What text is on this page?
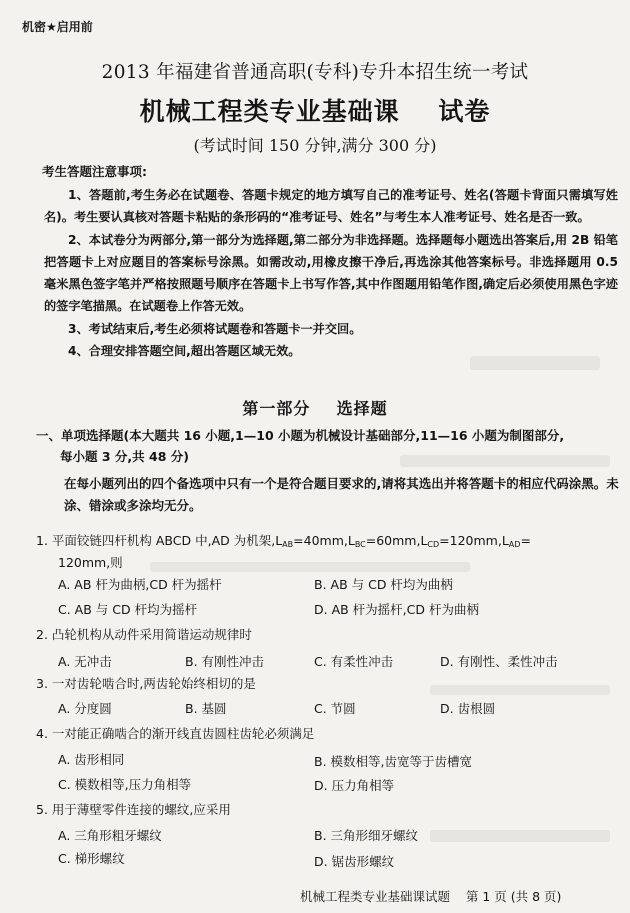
机密★启用前
2013 年福建省普通高职(专科)专升本招生统一考试
机械工程类专业基础课    试卷
(考试时间 150 分钟,满分 300 分)
考生答题注意事项:

1、答题前,考生务必在试题卷、答题卡规定的地方填写自己的准考证号、姓名(答题卡背面只需填写姓名)。考生要认真核对答题卡粘贴的条形码的“准考证号、姓名”与考生本人准考证号、姓名是否一致。

2、本试卷分为两部分,第一部分为选择题,第二部分为非选择题。选择题每小题选出答案后,用 2B 铅笔把答题卡上对应题目的答案标号涂黑。如需改动,用橡皮擦干净后,再选涂其他答案标号。非选择题用 0.5 毫米黑色签字笔并严格按照题号顺序在答题卡上书写作答,其中作图题用铅笔作图,确定后必须使用黑色字迹的签字笔描黑。在试题卷上作答无效。

3、考试结束后,考生必须将试题卷和答题卡一并交回。

4、合理安排答题空间,超出答题区域无效。

第一部分    选择题
一、单项选择题(本大题共 16 小题,1—10 小题为机械设计基础部分,11—16 小题为制图部分,
每小题 3 分,共 48 分)
在每小题列出的四个备选项中只有一个是符合题目要求的,请将其选出并将答题卡的相应代码涂黑。未涂、错涂或多涂均无分。
1. 平面铰链四杆机构 ABCD 中,AD 为机架$,L_{AB}=40mm,L_{BC}=60mm,L_{CD}=120mm,L_{AD}=$
120mm,则
A. AB 杆为曲柄,CD 杆为摇杆	B. AB 与 CD 杆均为曲柄
C. AB 与 CD 杆均为摇杆	D. AB 杆为摇杆,CD 杆为曲柄
2. 凸轮机构从动件采用简谐运动规律时
A. 无冲击	B. 有刚性冲击	C. 有柔性冲击	D. 有刚性、柔性冲击
3. 一对齿轮啮合时,两齿轮始终相切的是
A. 分度圆	B. 基圆	C. 节圆	D. 齿根圆
4. 一对能正确啮合的渐开线直齿圆柱齿轮必须满足
A. 齿形相同	B. 模数相等,齿宽等于齿槽宽
C. 模数相等,压力角相等	D. 压力角相等
5. 用于薄壁零件连接的螺纹,应采用
A. 三角形粗牙螺纹	B. 三角形细牙螺纹
C. 梯形螺纹	D. 锯齿形螺纹
机械工程类专业基础课试题    第 1 页 (共 8 页)
